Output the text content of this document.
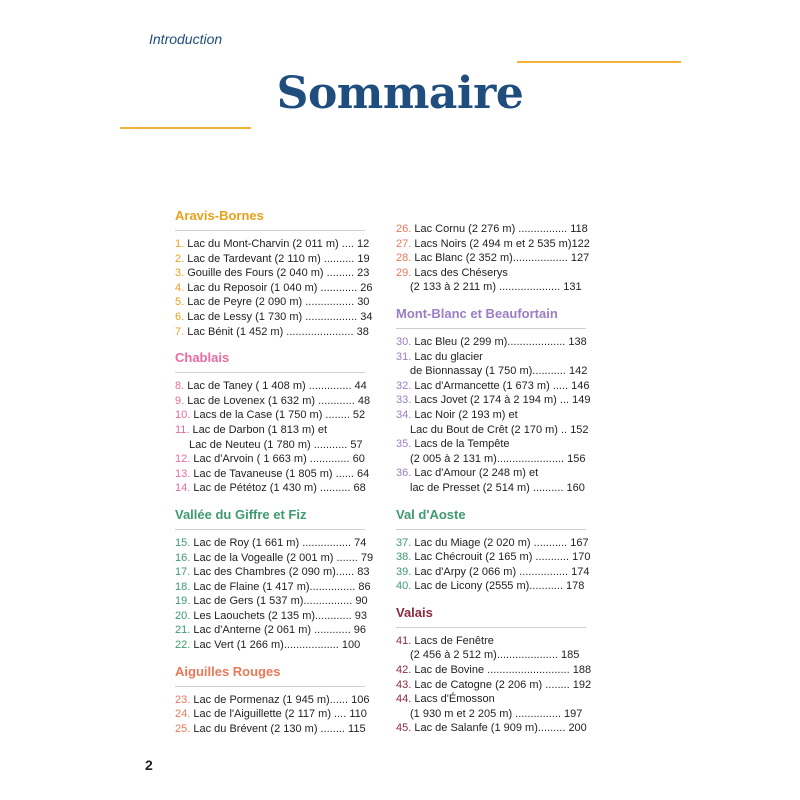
Introduction
Sommaire
Aravis-Bornes
1. Lac du Mont-Charvin (2 011 m) .... 12
2. Lac de Tardevant (2 110 m) .......... 19
3. Gouille des Fours (2 040 m) ......... 23
4. Lac du Reposoir (1 040 m) ............ 26
5. Lac de Peyre (2 090 m) ................ 30
6. Lac de Lessy (1 730 m) ................. 34
7. Lac Bénit (1 452 m) ...................... 38
Chablais
8. Lac de Taney ( 1 408 m) .............. 44
9. Lac de Lovenex (1 632 m) ............ 48
10. Lacs de la Case (1 750 m) ........ 52
11. Lac de Darbon (1 813 m) et
Lac de Neuteu (1 780 m) ........... 57
12. Lac d'Arvoin ( 1 663 m) ............. 60
13. Lac de Tavaneuse (1 805 m) ...... 64
14. Lac de Pététoz (1 430 m) .......... 68
Vallée du Giffre et Fiz
15. Lac de Roy (1 661 m) ................ 74
16. Lac de la Vogealle (2 001 m) ....... 79
17. Lac des Chambres (2 090 m)...... 83
18. Lac de Flaine (1 417 m)............... 86
19. Lac de Gers (1 537 m)................ 90
20. Les Laouchets (2 135 m)............ 93
21. Lac d'Anterne (2 061 m) ............ 96
22. Lac Vert (1 266 m).................. 100
Aiguilles Rouges
23. Lac de Pormenaz (1 945 m)...... 106
24. Lac de l'Aiguillette (2 117 m) .... 110
25. Lac du Brévent (2 130 m) ........ 115
26. Lac Cornu (2 276 m) ................ 118
27. Lacs Noirs (2 494 m et 2 535 m)122
28. Lac Blanc (2 352 m).................. 127
29. Lacs des Chéserys
(2 133 à 2 211 m) .................... 131
Mont-Blanc et Beaufortain
30. Lac Bleu (2 299 m)................... 138
31. Lac du glacier
de Bionnassay (1 750 m)........... 142
32. Lac d'Armancette (1 673 m) ..... 146
33. Lacs Jovet (2 174 à 2 194 m) ... 149
34. Lac Noir (2 193 m) et
Lac du Bout de Crêt (2 170 m) .. 152
35. Lacs de la Tempête
(2 005 à 2 131 m)...................... 156
36. Lac d'Amour (2 248 m) et
lac de Presset (2 514 m) .......... 160
Val d'Aoste
37. Lac du Miage (2 020 m) ........... 167
38. Lac Chécrouit (2 165 m) ........... 170
39. Lac d'Arpy (2 066 m) ................ 174
40. Lac de Licony (2555 m)........... 178
Valais
41. Lacs de Fenêtre
(2 456 à 2 512 m).................... 185
42. Lac de Bovine ........................... 188
43. Lac de Catogne (2 206 m) ........ 192
44. Lacs d'Émosson
(1 930 m et 2 205 m) ............... 197
45. Lac de Salanfe (1 909 m)......... 200
2
